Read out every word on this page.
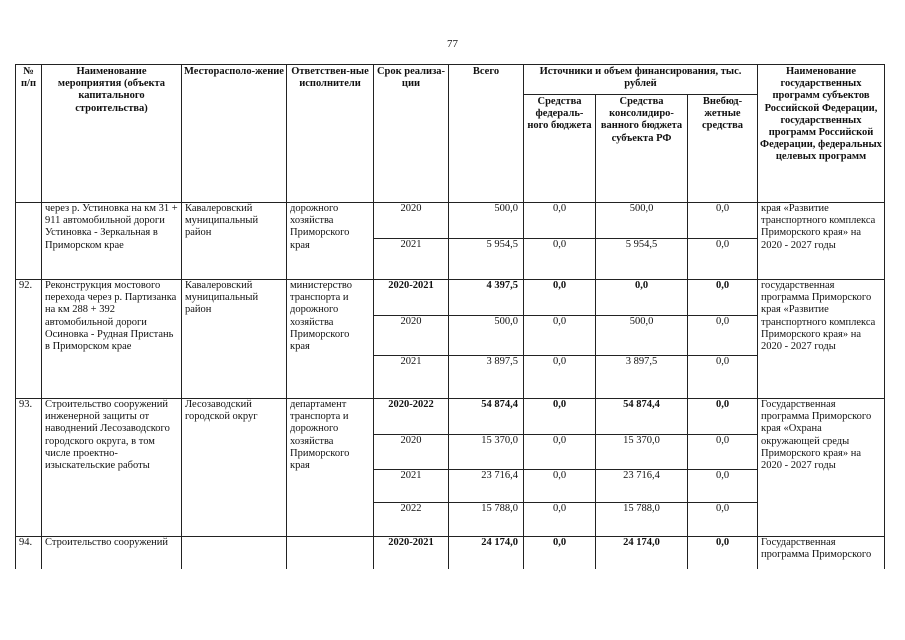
77
№ п/п	Наименование мероприятия (объекта капитального строительства)	Месторасполо-жение	Ответствен-ные исполнители	Срок реализа-ции	Всего	Источники и объем финансирования, тыс. рублей			Наименование государственных программ субъектов Российской Федерации, государственных программ Российской Федерации, федеральных целевых программ
						Средства федераль-ного бюджета	Средства консолидиро-ванного бюджета субъекта РФ	Внебюд-жетные средства	
	через р. Устиновка на км 31 + 911 автомобильной дороги Устиновка - Зеркальная в Приморском крае	Кавалеровский муниципальный район	дорожного хозяйства Приморского края	2020	500,0	0,0	500,0	0,0	края «Развитие транспортного комплекса Приморского края» на 2020 - 2027 годы
				2021	5 954,5	0,0	5 954,5	0,0	
92.	Реконструкция мостового перехода через р. Партизанка на км 288 + 392 автомобильной дороги Осиновка - Рудная Пристань в Приморском крае	Кавалеровский муниципальный район	министерство транспорта и дорожного хозяйства Приморского края	2020-2021	4 397,5	0,0	0,0	0,0	государственная программа Приморского края «Развитие транспортного комплекса Приморского края» на 2020 - 2027 годы
				2020	500,0	0,0	500,0	0,0	
				2021	3 897,5	0,0	3 897,5	0,0	
93.	Строительство сооружений инженерной защиты от наводнений Лесозаводского городского округа, в том числе проектно-изыскательские работы	Лесозаводский городской округ	департамент транспорта и дорожного хозяйства Приморского края	2020-2022	54 874,4	0,0	54 874,4	0,0	Государственная программа Приморского края «Охрана окружающей среды Приморского края» на 2020 - 2027 годы
				2020	15 370,0	0,0	15 370,0	0,0	
				2021	23 716,4	0,0	23 716,4	0,0	
				2022	15 788,0	0,0	15 788,0	0,0	
94.	Строительство сооружений			2020-2021	24 174,0	0,0	24 174,0	0,0	Государственная программа Приморского
